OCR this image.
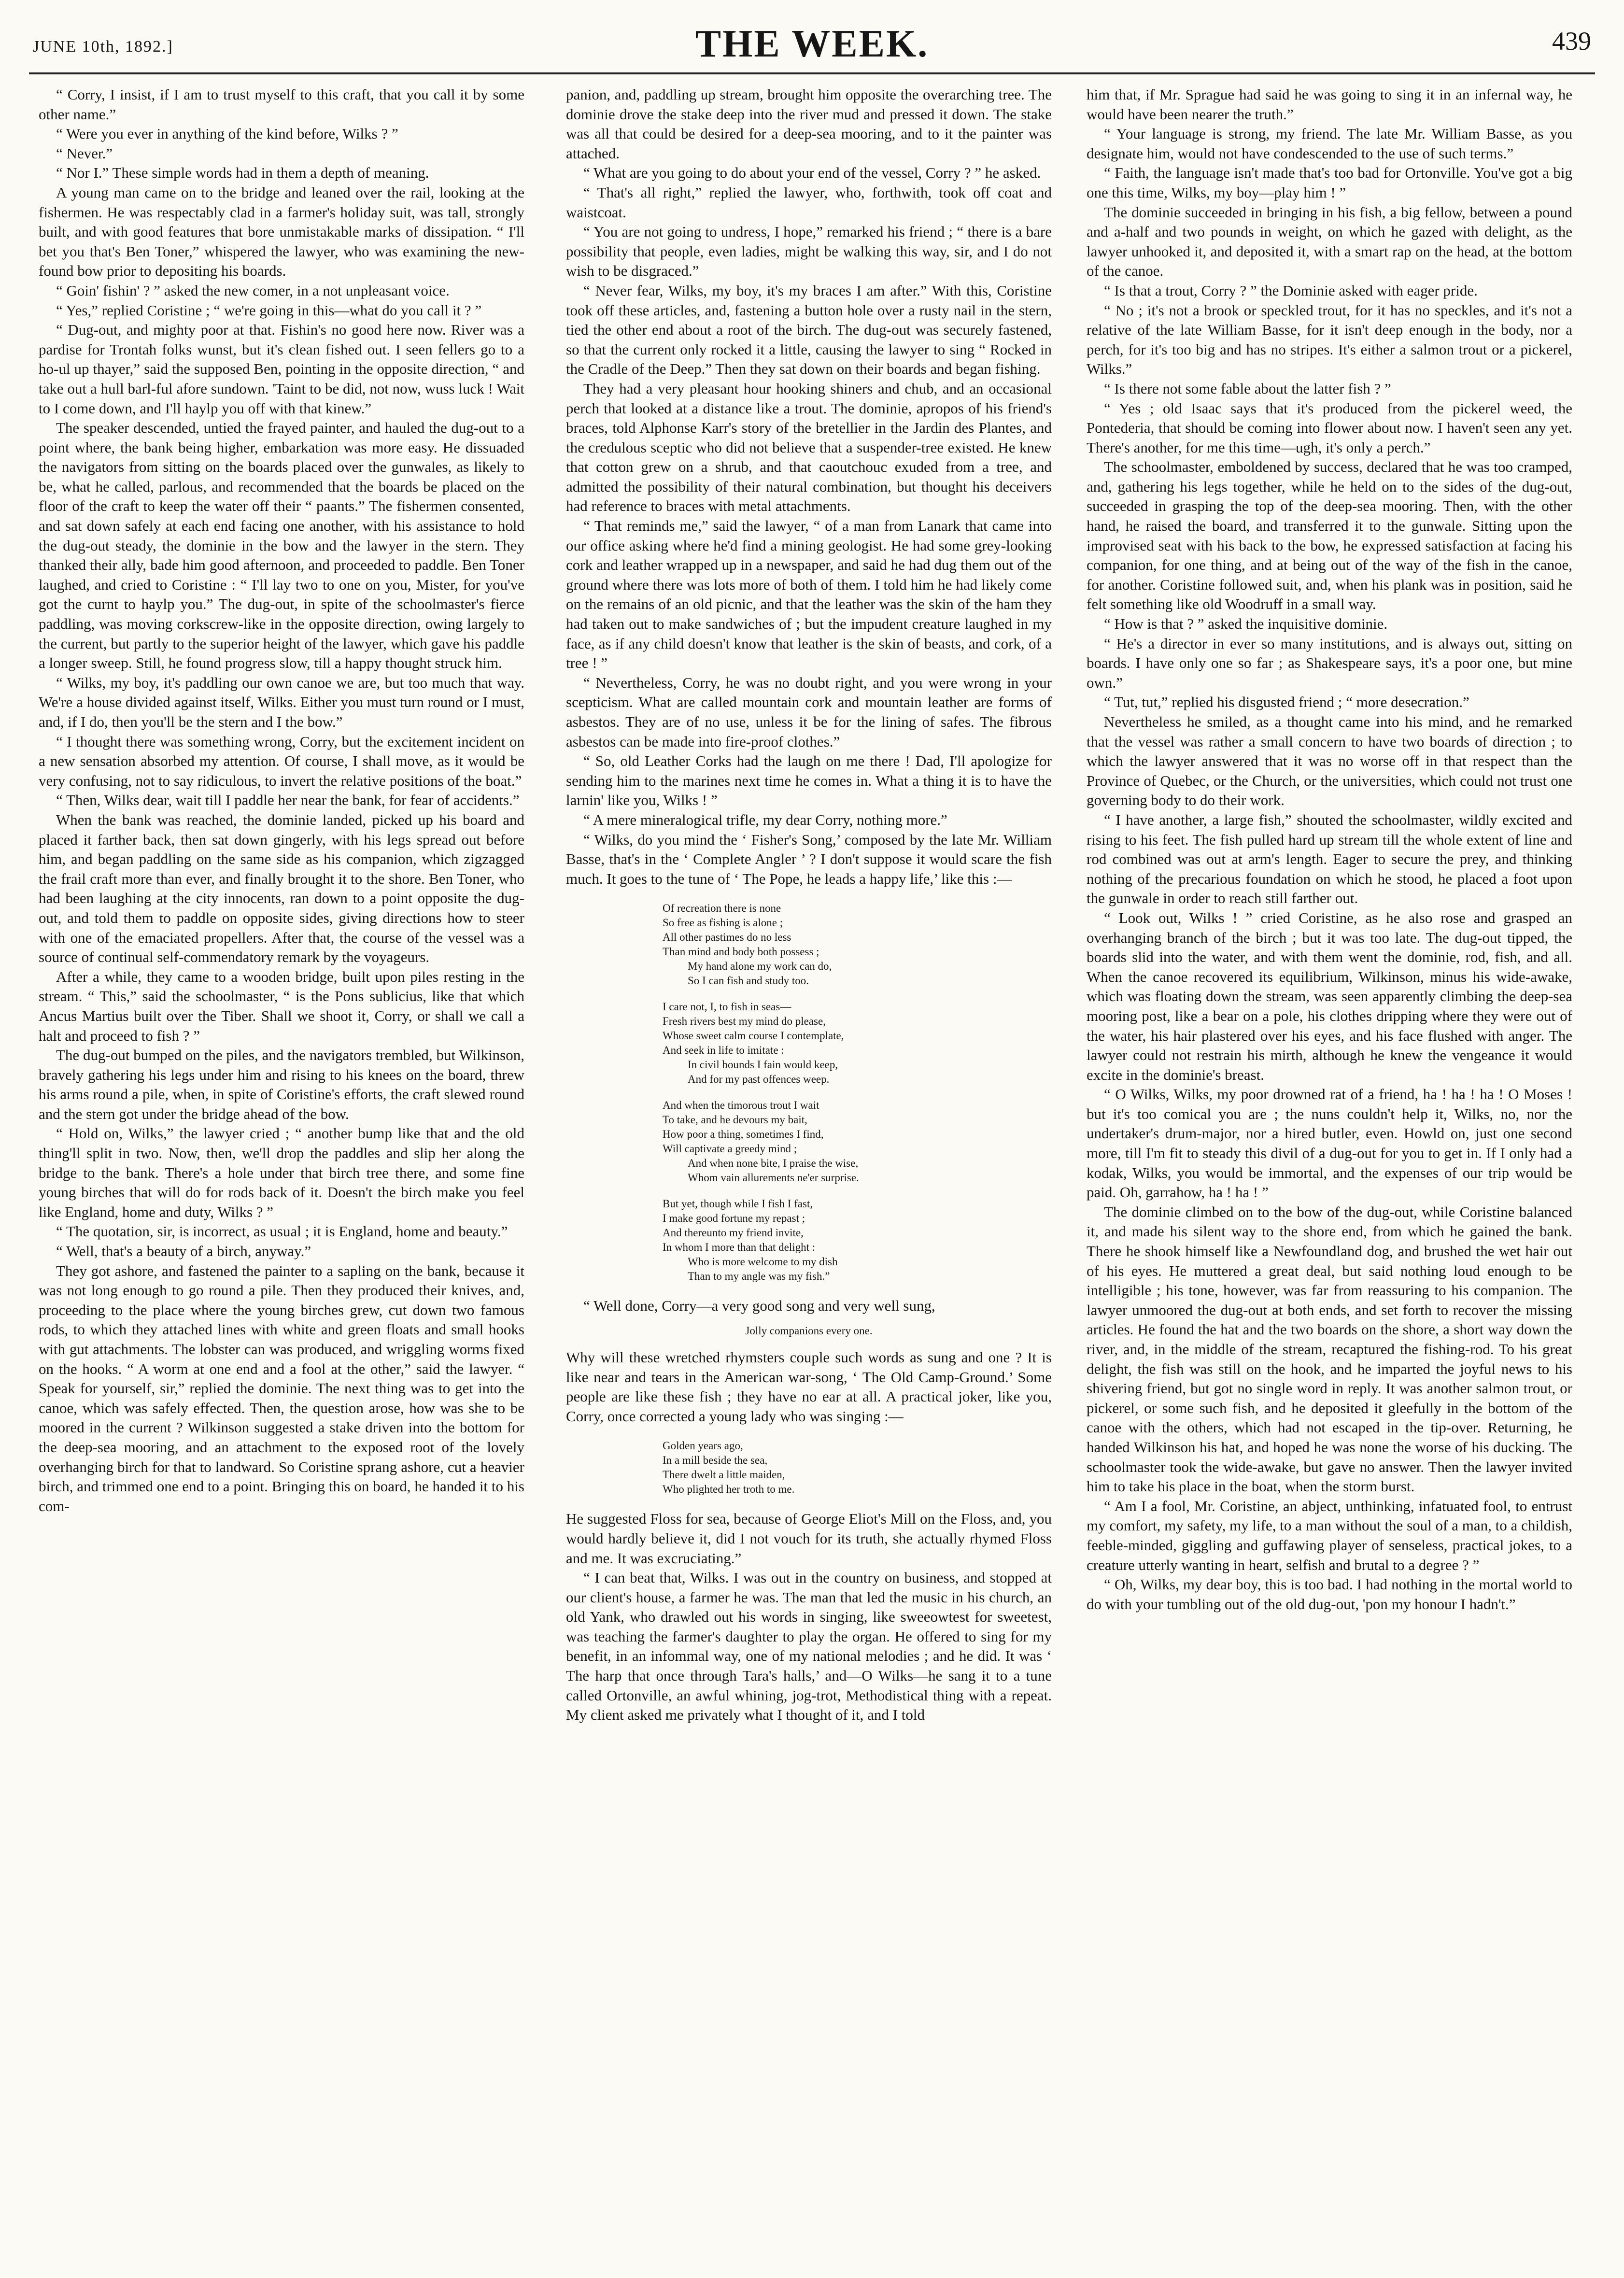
JUNE 10th, 1892.]	THE WEEK.	439

“ Corry, I insist, if I am to trust myself to this craft, that you call it by some other name.”

“ Were you ever in anything of the kind before, Wilks ? ”

“ Never.”

“ Nor I.” These simple words had in them a depth of meaning.

A young man came on to the bridge and leaned over the rail, looking at the fishermen. He was respectably clad in a farmer's holiday suit, was tall, strongly built, and with good features that bore unmistakable marks of dissipation. “ I'll bet you that's Ben Toner,” whispered the lawyer, who was examining the new-found bow prior to depositing his boards.

“ Goin' fishin' ? ” asked the new comer, in a not unpleasant voice.

“ Yes,” replied Coristine ; “ we're going in this—what do you call it ? ”

“ Dug-out, and mighty poor at that. Fishin's no good here now. River was a pardise for Trontah folks wunst, but it's clean fished out. I seen fellers go to a ho-ul up thayer,” said the supposed Ben, pointing in the opposite direction, “ and take out a hull barl-ful afore sundown. 'Taint to be did, not now, wuss luck ! Wait to I come down, and I'll haylp you off with that kinew.”

The speaker descended, untied the frayed painter, and hauled the dug-out to a point where, the bank being higher, embarkation was more easy. He dissuaded the navigators from sitting on the boards placed over the gunwales, as likely to be, what he called, parlous, and recommended that the boards be placed on the floor of the craft to keep the water off their “ paants.” The fishermen consented, and sat down safely at each end facing one another, with his assistance to hold the dug-out steady, the dominie in the bow and the lawyer in the stern. They thanked their ally, bade him good afternoon, and proceeded to paddle. Ben Toner laughed, and cried to Coristine : “ I'll lay two to one on you, Mister, for you've got the curnt to haylp you.” The dug-out, in spite of the schoolmaster's fierce paddling, was moving corkscrew-like in the opposite direction, owing largely to the current, but partly to the superior height of the lawyer, which gave his paddle a longer sweep. Still, he found progress slow, till a happy thought struck him.

“ Wilks, my boy, it's paddling our own canoe we are, but too much that way. We're a house divided against itself, Wilks. Either you must turn round or I must, and, if I do, then you'll be the stern and I the bow.”

“ I thought there was something wrong, Corry, but the excitement incident on a new sensation absorbed my attention. Of course, I shall move, as it would be very confusing, not to say ridiculous, to invert the relative positions of the boat.”

“ Then, Wilks dear, wait till I paddle her near the bank, for fear of accidents.”

When the bank was reached, the dominie landed, picked up his board and placed it farther back, then sat down gingerly, with his legs spread out before him, and began paddling on the same side as his companion, which zigzagged the frail craft more than ever, and finally brought it to the shore. Ben Toner, who had been laughing at the city innocents, ran down to a point opposite the dug-out, and told them to paddle on opposite sides, giving directions how to steer with one of the emaciated propellers. After that, the course of the vessel was a source of continual self-commendatory remark by the voyageurs.

After a while, they came to a wooden bridge, built upon piles resting in the stream. “ This,” said the schoolmaster, “ is the Pons sublicius, like that which Ancus Martius built over the Tiber. Shall we shoot it, Corry, or shall we call a halt and proceed to fish ? ”

The dug-out bumped on the piles, and the navigators trembled, but Wilkinson, bravely gathering his legs under him and rising to his knees on the board, threw his arms round a pile, when, in spite of Coristine's efforts, the craft slewed round and the stern got under the bridge ahead of the bow.

“ Hold on, Wilks,” the lawyer cried ; “ another bump like that and the old thing'll split in two. Now, then, we'll drop the paddles and slip her along the bridge to the bank. There's a hole under that birch tree there, and some fine young birches that will do for rods back of it. Doesn't the birch make you feel like England, home and duty, Wilks ? ”

“ The quotation, sir, is incorrect, as usual ; it is England, home and beauty.”

“ Well, that's a beauty of a birch, anyway.”

They got ashore, and fastened the painter to a sapling on the bank, because it was not long enough to go round a pile. Then they produced their knives, and, proceeding to the place where the young birches grew, cut down two famous rods, to which they attached lines with white and green floats and small hooks with gut attachments. The lobster can was produced, and wriggling worms fixed on the hooks. “ A worm at one end and a fool at the other,” said the lawyer. “ Speak for yourself, sir,” replied the dominie. The next thing was to get into the canoe, which was safely effected. Then, the question arose, how was she to be moored in the current ? Wilkinson suggested a stake driven into the bottom for the deep-sea mooring, and an attachment to the exposed root of the lovely overhanging birch for that to landward. So Coristine sprang ashore, cut a heavier birch, and trimmed one end to a point. Bringing this on board, he handed it to his com-

panion, and, paddling up stream, brought him opposite the overarching tree. The dominie drove the stake deep into the river mud and pressed it down. The stake was all that could be desired for a deep-sea mooring, and to it the painter was attached.

“ What are you going to do about your end of the vessel, Corry ? ” he asked.

“ That's all right,” replied the lawyer, who, forthwith, took off coat and waistcoat.

“ You are not going to undress, I hope,” remarked his friend ; “ there is a bare possibility that people, even ladies, might be walking this way, sir, and I do not wish to be disgraced.”

“ Never fear, Wilks, my boy, it's my braces I am after.” With this, Coristine took off these articles, and, fastening a button hole over a rusty nail in the stern, tied the other end about a root of the birch. The dug-out was securely fastened, so that the current only rocked it a little, causing the lawyer to sing “ Rocked in the Cradle of the Deep.” Then they sat down on their boards and began fishing.

They had a very pleasant hour hooking shiners and chub, and an occasional perch that looked at a distance like a trout. The dominie, apropos of his friend's braces, told Alphonse Karr's story of the bretellier in the Jardin des Plantes, and the credulous sceptic who did not believe that a suspender-tree existed. He knew that cotton grew on a shrub, and that caoutchouc exuded from a tree, and admitted the possibility of their natural combination, but thought his deceivers had reference to braces with metal attachments.

“ That reminds me,” said the lawyer, “ of a man from Lanark that came into our office asking where he'd find a mining geologist. He had some grey-looking cork and leather wrapped up in a newspaper, and said he had dug them out of the ground where there was lots more of both of them. I told him he had likely come on the remains of an old picnic, and that the leather was the skin of the ham they had taken out to make sandwiches of ; but the impudent creature laughed in my face, as if any child doesn't know that leather is the skin of beasts, and cork, of a tree ! ”

“ Nevertheless, Corry, he was no doubt right, and you were wrong in your scepticism. What are called mountain cork and mountain leather are forms of asbestos. They are of no use, unless it be for the lining of safes. The fibrous asbestos can be made into fire-proof clothes.”

“ So, old Leather Corks had the laugh on me there ! Dad, I'll apologize for sending him to the marines next time he comes in. What a thing it is to have the larnin' like you, Wilks ! ”

“ A mere mineralogical trifle, my dear Corry, nothing more.”

“ Wilks, do you mind the ‘ Fisher's Song,’ composed by the late Mr. William Basse, that's in the ‘ Complete Angler ’ ? I don't suppose it would scare the fish much. It goes to the tune of ‘ The Pope, he leads a happy life,’ like this :—

Of recreation there is none
So free as fishing is alone ;
All other pastimes do no less
Than mind and body both possess ;
My hand alone my work can do,
So I can fish and study too.
I care not, I, to fish in seas—
Fresh rivers best my mind do please,
Whose sweet calm course I contemplate,
And seek in life to imitate :
In civil bounds I fain would keep,
And for my past offences weep.
And when the timorous trout I wait
To take, and he devours my bait,
How poor a thing, sometimes I find,
Will captivate a greedy mind ;
And when none bite, I praise the wise,
Whom vain allurements ne'er surprise.
But yet, though while I fish I fast,
I make good fortune my repast ;
And thereunto my friend invite,
In whom I more than that delight :
Who is more welcome to my dish
Than to my angle was my fish.”

“ Well done, Corry—a very good song and very well sung,

Jolly companions every one.

Why will these wretched rhymsters couple such words as sung and one ? It is like near and tears in the American war-song, ‘ The Old Camp-Ground.’ Some people are like these fish ; they have no ear at all. A practical joker, like you, Corry, once corrected a young lady who was singing :—

Golden years ago,
In a mill beside the sea,
There dwelt a little maiden,
Who plighted her troth to me.

He suggested Floss for sea, because of George Eliot's Mill on the Floss, and, you would hardly believe it, did I not vouch for its truth, she actually rhymed Floss and me. It was excruciating.”

“ I can beat that, Wilks. I was out in the country on business, and stopped at our client's house, a farmer he was. The man that led the music in his church, an old Yank, who drawled out his words in singing, like sweeowtest for sweetest, was teaching the farmer's daughter to play the organ. He offered to sing for my benefit, in an infommal way, one of my national melodies ; and he did. It was ‘ The harp that once through Tara's halls,’ and—O Wilks—he sang it to a tune called Ortonville, an awful whining, jog-trot, Methodistical thing with a repeat. My client asked me privately what I thought of it, and I told

him that, if Mr. Sprague had said he was going to sing it in an infernal way, he would have been nearer the truth.”

“ Your language is strong, my friend. The late Mr. William Basse, as you designate him, would not have condescended to the use of such terms.”

“ Faith, the language isn't made that's too bad for Ortonville. You've got a big one this time, Wilks, my boy—play him ! ”

The dominie succeeded in bringing in his fish, a big fellow, between a pound and a-half and two pounds in weight, on which he gazed with delight, as the lawyer unhooked it, and deposited it, with a smart rap on the head, at the bottom of the canoe.

“ Is that a trout, Corry ? ” the Dominie asked with eager pride.

“ No ; it's not a brook or speckled trout, for it has no speckles, and it's not a relative of the late William Basse, for it isn't deep enough in the body, nor a perch, for it's too big and has no stripes. It's either a salmon trout or a pickerel, Wilks.”

“ Is there not some fable about the latter fish ? ”

“ Yes ; old Isaac says that it's produced from the pickerel weed, the Pontederia, that should be coming into flower about now. I haven't seen any yet. There's another, for me this time—ugh, it's only a perch.”

The schoolmaster, emboldened by success, declared that he was too cramped, and, gathering his legs together, while he held on to the sides of the dug-out, succeeded in grasping the top of the deep-sea mooring. Then, with the other hand, he raised the board, and transferred it to the gunwale. Sitting upon the improvised seat with his back to the bow, he expressed satisfaction at facing his companion, for one thing, and at being out of the way of the fish in the canoe, for another. Coristine followed suit, and, when his plank was in position, said he felt something like old Woodruff in a small way.

“ How is that ? ” asked the inquisitive dominie.

“ He's a director in ever so many institutions, and is always out, sitting on boards. I have only one so far ; as Shakespeare says, it's a poor one, but mine own.”

“ Tut, tut,” replied his disgusted friend ; “ more desecration.”

Nevertheless he smiled, as a thought came into his mind, and he remarked that the vessel was rather a small concern to have two boards of direction ; to which the lawyer answered that it was no worse off in that respect than the Province of Quebec, or the Church, or the universities, which could not trust one governing body to do their work.

“ I have another, a large fish,” shouted the schoolmaster, wildly excited and rising to his feet. The fish pulled hard up stream till the whole extent of line and rod combined was out at arm's length. Eager to secure the prey, and thinking nothing of the precarious foundation on which he stood, he placed a foot upon the gunwale in order to reach still farther out.

“ Look out, Wilks ! ” cried Coristine, as he also rose and grasped an overhanging branch of the birch ; but it was too late. The dug-out tipped, the boards slid into the water, and with them went the dominie, rod, fish, and all. When the canoe recovered its equilibrium, Wilkinson, minus his wide-awake, which was floating down the stream, was seen apparently climbing the deep-sea mooring post, like a bear on a pole, his clothes dripping where they were out of the water, his hair plastered over his eyes, and his face flushed with anger. The lawyer could not restrain his mirth, although he knew the vengeance it would excite in the dominie's breast.

“ O Wilks, Wilks, my poor drowned rat of a friend, ha ! ha ! ha ! O Moses ! but it's too comical you are ; the nuns couldn't help it, Wilks, no, nor the undertaker's drum-major, nor a hired butler, even. Howld on, just one second more, till I'm fit to steady this divil of a dug-out for you to get in. If I only had a kodak, Wilks, you would be immortal, and the expenses of our trip would be paid. Oh, garrahow, ha ! ha ! ”

The dominie climbed on to the bow of the dug-out, while Coristine balanced it, and made his silent way to the shore end, from which he gained the bank. There he shook himself like a Newfoundland dog, and brushed the wet hair out of his eyes. He muttered a great deal, but said nothing loud enough to be intelligible ; his tone, however, was far from reassuring to his companion. The lawyer unmoored the dug-out at both ends, and set forth to recover the missing articles. He found the hat and the two boards on the shore, a short way down the river, and, in the middle of the stream, recaptured the fishing-rod. To his great delight, the fish was still on the hook, and he imparted the joyful news to his shivering friend, but got no single word in reply. It was another salmon trout, or pickerel, or some such fish, and he deposited it gleefully in the bottom of the canoe with the others, which had not escaped in the tip-over. Returning, he handed Wilkinson his hat, and hoped he was none the worse of his ducking. The schoolmaster took the wide-awake, but gave no answer. Then the lawyer invited him to take his place in the boat, when the storm burst.

“ Am I a fool, Mr. Coristine, an abject, unthinking, infatuated fool, to entrust my comfort, my safety, my life, to a man without the soul of a man, to a childish, feeble-minded, giggling and guffawing player of senseless, practical jokes, to a creature utterly wanting in heart, selfish and brutal to a degree ? ”

“ Oh, Wilks, my dear boy, this is too bad. I had nothing in the mortal world to do with your tumbling out of the old dug-out, 'pon my honour I hadn't.”
